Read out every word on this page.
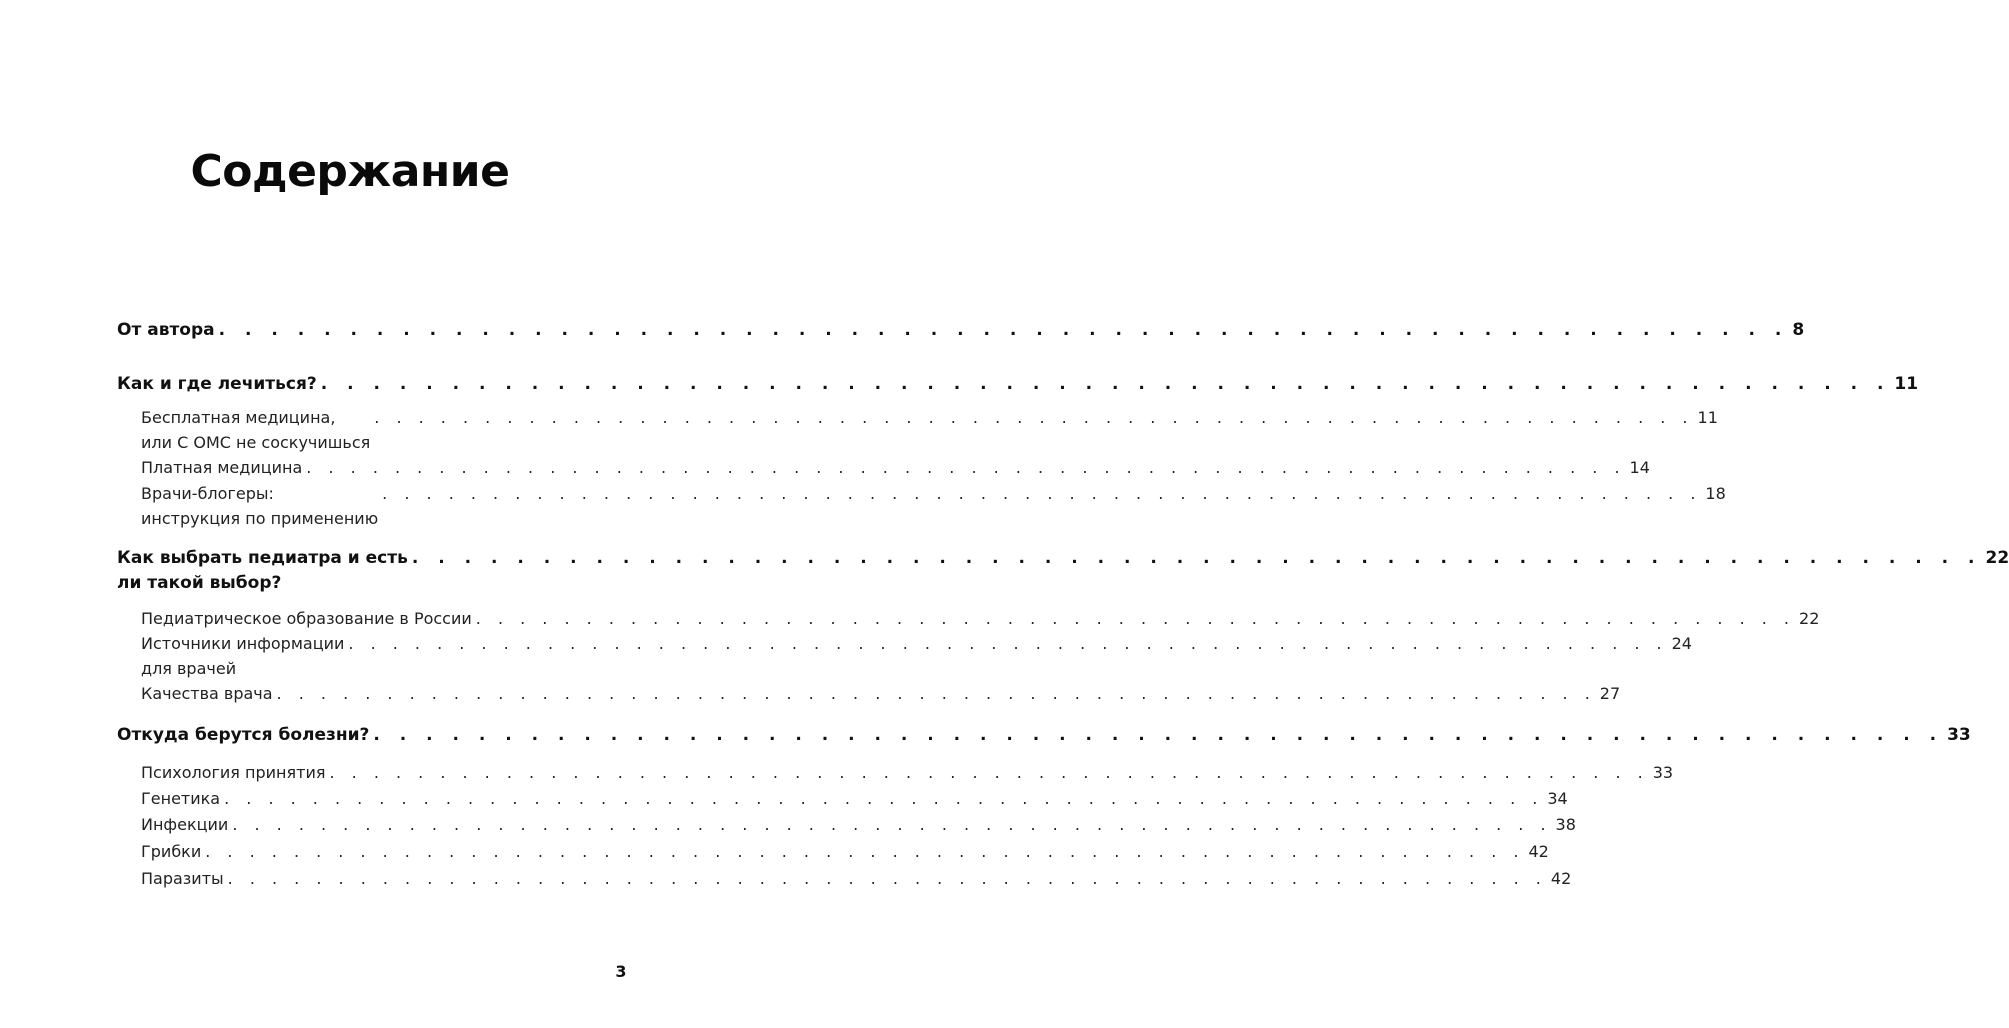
Содержание
От автора . . . . . . . . . . . . . . . . . . . . . . . . . . . . . . . . . . . . . . . . . . . . . . . . . . . . . . . . . . . . 8
Как и где лечиться? . . . . . . . . . . . . . . . . . . . . . . . . . . . . . . . . . . . . . . . . . . . . . . . . . . . . . . . . . . . . 11
Бесплатная медицина,
или С ОМС не соскучишься
. . . . . . . . . . . . . . . . . . . . . . . . . . . . . . . . . . . . . . . . . . . . . . . . . . . . . . . . . . . . 11
Платная медицина . . . . . . . . . . . . . . . . . . . . . . . . . . . . . . . . . . . . . . . . . . . . . . . . . . . . . . . . . . . . 14
Врачи-блогеры:
инструкция по применению
. . . . . . . . . . . . . . . . . . . . . . . . . . . . . . . . . . . . . . . . . . . . . . . . . . . . . . . . . . . . 18
Как выбрать педиатра и есть
ли такой выбор?
. . . . . . . . . . . . . . . . . . . . . . . . . . . . . . . . . . . . . . . . . . . . . . . . . . . . . . . . . . . . 22
Педиатрическое образование в России . . . . . . . . . . . . . . . . . . . . . . . . . . . . . . . . . . . . . . . . . . . . . . . . . . . . . . . . . . . . 22
Источники информации
для врачей
. . . . . . . . . . . . . . . . . . . . . . . . . . . . . . . . . . . . . . . . . . . . . . . . . . . . . . . . . . . . 24
Качества врача . . . . . . . . . . . . . . . . . . . . . . . . . . . . . . . . . . . . . . . . . . . . . . . . . . . . . . . . . . . . 27
Откуда берутся болезни? . . . . . . . . . . . . . . . . . . . . . . . . . . . . . . . . . . . . . . . . . . . . . . . . . . . . . . . . . . . . 33
Психология принятия . . . . . . . . . . . . . . . . . . . . . . . . . . . . . . . . . . . . . . . . . . . . . . . . . . . . . . . . . . . . 33
Генетика . . . . . . . . . . . . . . . . . . . . . . . . . . . . . . . . . . . . . . . . . . . . . . . . . . . . . . . . . . . . 34
Инфекции . . . . . . . . . . . . . . . . . . . . . . . . . . . . . . . . . . . . . . . . . . . . . . . . . . . . . . . . . . . . 38
Грибки . . . . . . . . . . . . . . . . . . . . . . . . . . . . . . . . . . . . . . . . . . . . . . . . . . . . . . . . . . . . 42
Паразиты . . . . . . . . . . . . . . . . . . . . . . . . . . . . . . . . . . . . . . . . . . . . . . . . . . . . . . . . . . . . 42
3
